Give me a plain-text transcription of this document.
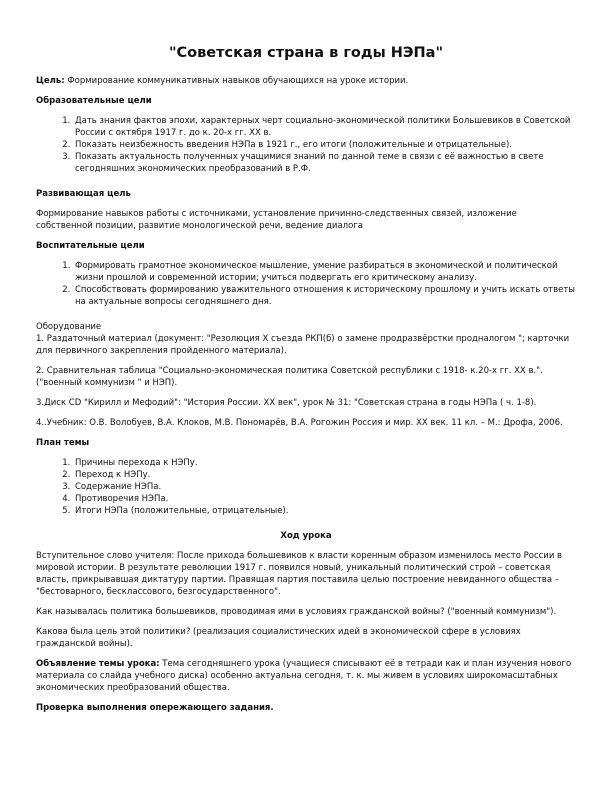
"Советская страна в годы НЭПа"

Цель: Формирование коммуникативных навыков обучающихся на уроке истории.

Образовательные цели
1. Дать знания фактов эпохи, характерных черт социально-экономической политики Большевиков в Советской России с октября 1917 г. до к. 20-х гг. XX в.
2. Показать неизбежность введения НЭПа в 1921 г., его итоги (положительные и отрицательные).
3. Показать актуальность полученных учащимися знаний по данной теме в связи с её важностью в свете сегодняшних экономических преобразований в Р.Ф.
Развивающая цель

Формирование навыков работы с источниками, установление причинно-следственных связей, изложение собственной позиции, развитие монологической речи, ведение диалога

Воспитательные цели
1. Формировать грамотное экономическое мышление, умение разбираться в экономической и политической жизни прошлой и современной истории; учиться подвергать его критическому анализу.
2. Способствовать формированию уважительного отношения к историческому прошлому и учить искать ответы на актуальные вопросы сегодняшнего дня.
Оборудование

1. Раздаточный материал (документ: "Резолюция X съезда РКП(б) о замене продразвёрстки продналогом "; карточки для первичного закрепления пройденного материала).

2. Сравнительная таблица "Социально-экономическая политика Советской республики с 1918- к.20-х гг. XX в.". ("военный коммунизм " и НЭП).

3.Диск CD "Кирилл и Мефодий": "История России. XX век", урок № 31: "Советская страна в годы НЭПа ( ч. 1-8).

4..Учебник: О.В. Волобуев, В.А. Клоков, М.В. Пономарёв, В.А. Рогожин Россия и мир. XX век. 11 кл. – М.: Дрофа, 2006.

План темы
1. Причины перехода к НЭПу.
2. Переход к НЭПу.
3. Содержание НЭПа.
4. Противоречия НЭПа.
5. Итоги НЭПа (положительные, отрицательные).
Ход урока

Вступительное слово учителя: После прихода большевиков к власти коренным образом изменилось место России в мировой истории. В результате революции 1917 г. появился новый, уникальный политический строй – советская власть, прикрывавшая диктатуру партии. Правящая партия поставила целью построение невиданного общества – "бестоварного, бесклассового, безгосударственного".

Как называлась политика большевиков, проводимая ими в условиях гражданской войны? ("военный коммунизм").

Какова была цель этой политики? (реализация социалистических идей в экономической сфере в условиях гражданской войны).

Объявление темы урока: Тема сегодняшнего урока (учащиеся списывают её в тетради как и план изучения нового материала со слайда учебного диска) особенно актуальна сегодня, т. к. мы живем в условиях широкомасштабных экономических преобразований общества.

Проверка выполнения опережающего задания.
